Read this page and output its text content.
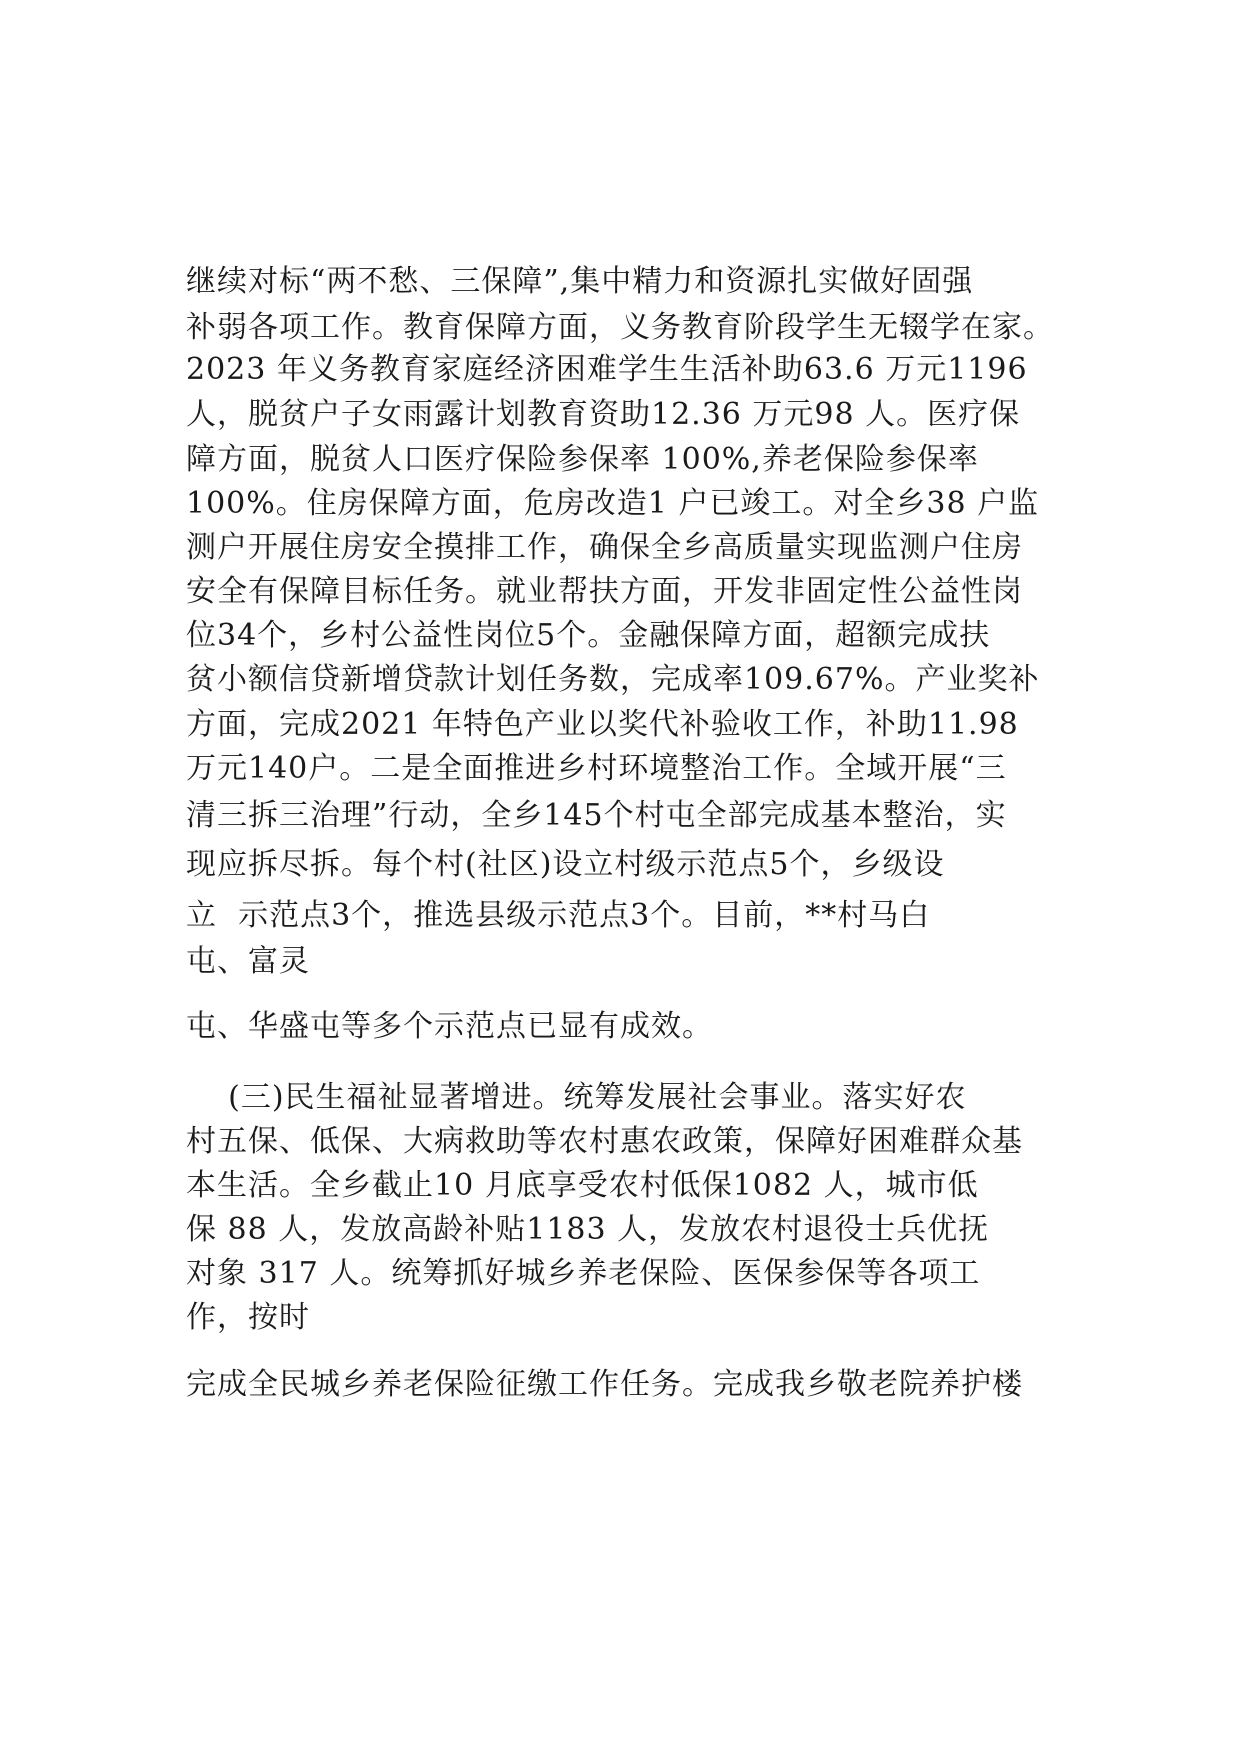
继续对标“两不愁、三保障”,集中精力和资源扎实做好固强
补弱各项工作。教育保障方面，义务教育阶段学生无辍学在家。
2023 年义务教育家庭经济困难学生生活补助63.6 万元1196
人，脱贫户子女雨露计划教育资助12.36 万元98 人。医疗保
障方面，脱贫人口医疗保险参保率 100%,养老保险参保率
100%。住房保障方面，危房改造1 户已竣工。对全乡38 户监
测户开展住房安全摸排工作，确保全乡高质量实现监测户住房
安全有保障目标任务。就业帮扶方面，开发非固定性公益性岗
位34个，乡村公益性岗位5个。金融保障方面，超额完成扶
贫小额信贷新增贷款计划任务数，完成率109.67%。产业奖补
方面，完成2021 年特色产业以奖代补验收工作，补助11.98
万元140户。二是全面推进乡村环境整治工作。全域开展“三
清三拆三治理”行动，全乡145个村屯全部完成基本整治，实
现应拆尽拆。每个村(社区)设立村级示范点5个，乡级设
立  示范点3个，推选县级示范点3个。目前，**村马白
屯、富灵
屯、华盛屯等多个示范点已显有成效。
(三)民生福祉显著增进。统筹发展社会事业。落实好农
村五保、低保、大病救助等农村惠农政策，保障好困难群众基
本生活。全乡截止10 月底享受农村低保1082 人，城市低
保 88 人，发放高龄补贴1183 人，发放农村退役士兵优抚
对象 317 人。统筹抓好城乡养老保险、医保参保等各项工
作，按时
完成全民城乡养老保险征缴工作任务。完成我乡敬老院养护楼
